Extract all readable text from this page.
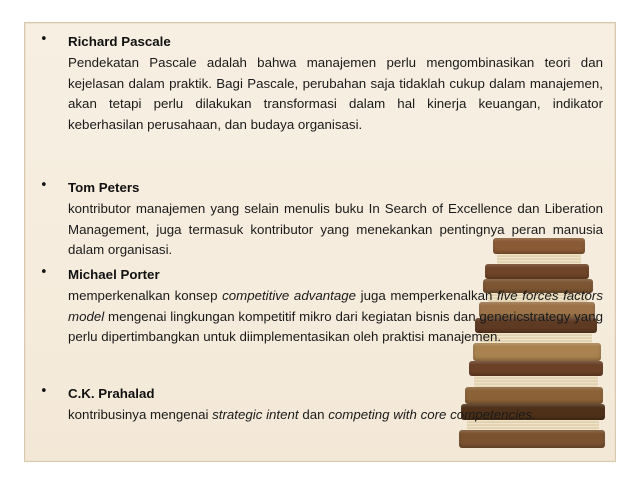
• Richard Pascale
Pendekatan Pascale adalah bahwa manajemen perlu mengombinasikan teori dan kejelasan dalam praktik. Bagi Pascale, perubahan saja tidaklah cukup dalam manajemen, akan tetapi perlu dilakukan transformasi dalam hal kinerja keuangan, indikator keberhasilan perusahaan, dan budaya organisasi.
• Tom Peters
kontributor manajemen yang selain menulis buku In Search of Excellence dan Liberation Management, juga termasuk kontributor yang menekankan pentingnya peran manusia dalam organisasi.
• Michael Porter
memperkenalkan konsep competitive advantage juga memperkenalkan five forces factors model mengenai lingkungan kompetitif mikro dari kegiatan bisnis dan genericstrategy yang perlu dipertimbangkan untuk diimplementasikan oleh praktisi manajemen.
• C.K. Prahalad
kontribusinya mengenai strategic intent dan competing with core competencies.
